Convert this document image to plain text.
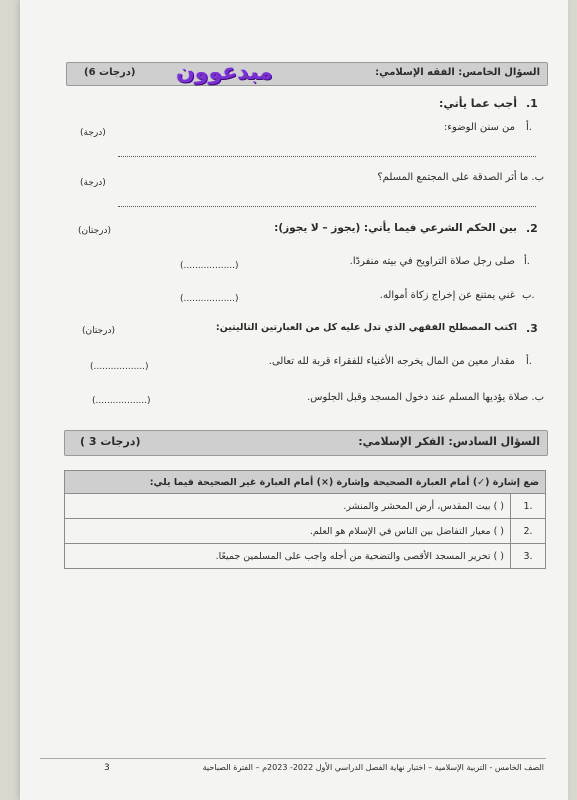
السؤال الخامس: الفقه الإسلامي:
(6 درجات) مبدعوون
.1
أجب عما يأتي:
أ.
من سنن الوضوء:
(درجة)
ب. ما أثر الصدقة على المجتمع المسلم؟
(درجة)
.2
بين الحكم الشرعي فيما يأتي: (يجوز – لا يجوز):
(درجتان)
أ.
صلى رجل صلاة التراويح في بيته منفردًا.
(..................)
ب.
غني يمتنع عن إخراج زكاة أمواله.
(..................)
.3
اكتب المصطلح الفقهي الذي تدل عليه كل من العبارتين التاليتين:
(درجتان)
أ.
مقدار معين من المال يخرجه الأغنياء للفقراء قربة لله تعالى.
(..................)
ب. صلاة يؤديها المسلم عند دخول المسجد وقبل الجلوس.
(..................)
السؤال السادس: الفكر الإسلامي:
( 3 درجات)
ضع إشارة (✓) أمام العبارة الصحيحة وإشارة (×) أمام العبارة غير الصحيحة فيما يلي:	
.1	( ) بيت المقدس، أرض المحشر والمنشر.
.2	( ) معيار التفاضل بين الناس في الإسلام هو العلم.
.3	( ) تحرير المسجد الأقصى والتضحية من أجله واجب على المسلمين جميعًا.
الصف الخامس - التربية الإسلامية – اختبار نهاية الفصل الدراسي الأول 2022- 2023م – الفترة الصباحية
3
